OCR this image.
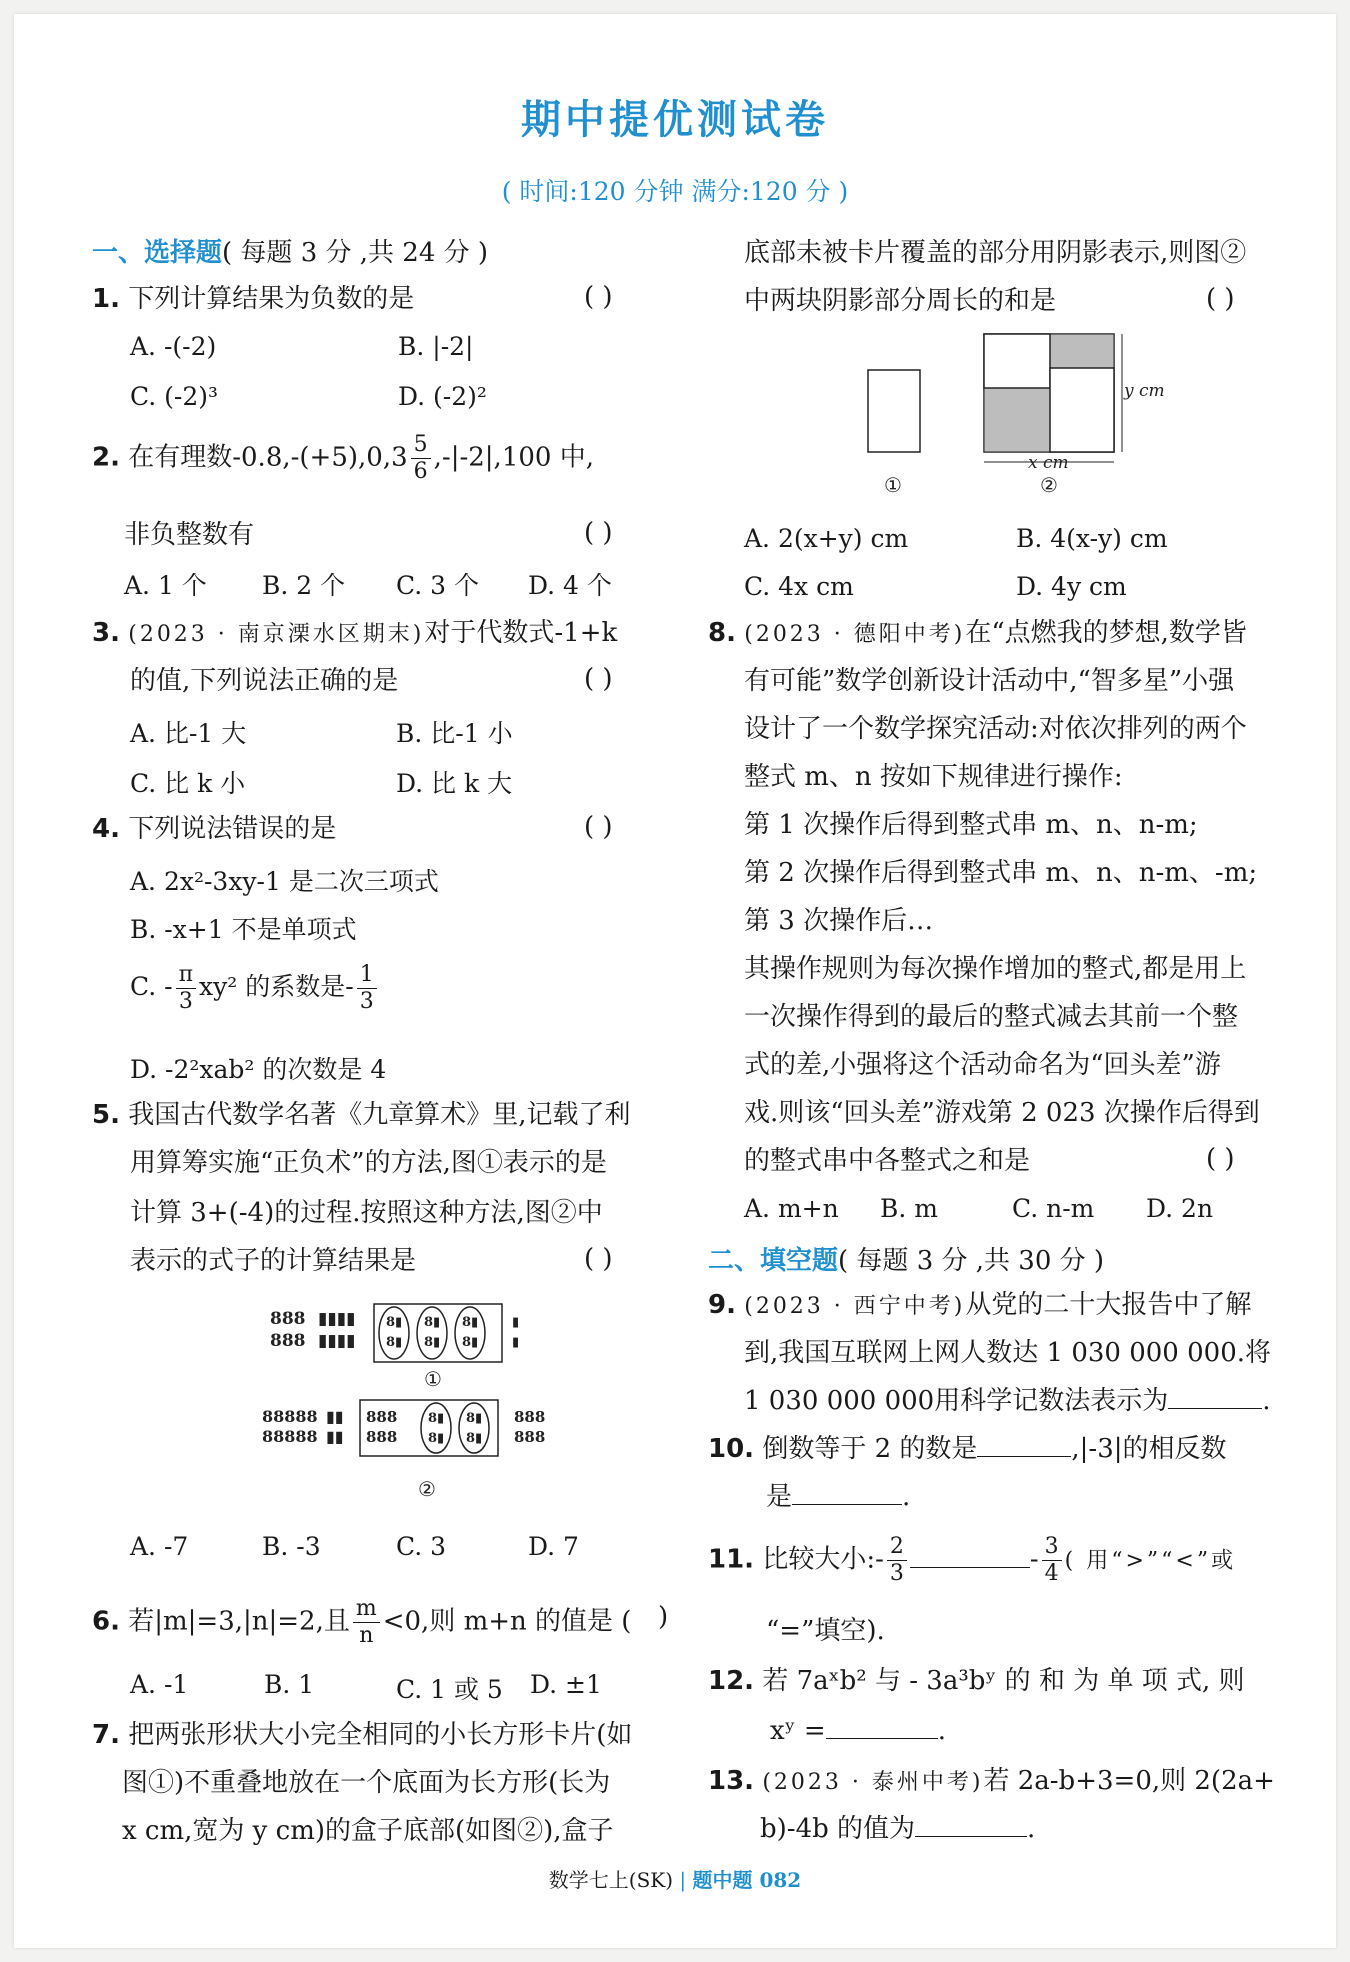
期中提优测试卷
( 时间:120 分钟 满分:120 分 )
一、选择题( 每题 3 分 ,共 24 分 )
1. 下列计算结果为负数的是	( )
A. -(-2)	B. |-2|
C. (-2)³	D. (-2)²
2. 在有理数$-0.8,-(+5),0,3 \frac{5}{6} ,-|-2|,100$ 中,
非负整数有	( )
A. 1 个 B. 2 个 C. 3 个 D. 4 个
3. (2023 · 南京溧水区期末)对于代数式-1+k
的值,下列说法正确的是	( )
A. 比-1 大	B. 比-1 小
C. 比 k 小	D. 比 k 大
4. 下列说法错误的是	( )
A. 2x²-3xy-1 是二次三项式
B. -x+1 不是单项式
C. - $\frac{\pi}{3} xy^2$ 的系数是- $\frac{1}{3}$
D. -2²xab² 的次数是 4
5. 我国古代数学名著《九章算术》里,记载了利
用算筹实施“正负术”的方法,图①表示的是
计算 3+(-4)的过程.按照这种方法,图②中
表示的式子的计算结果是	( )
888
888
▮▮▮▮
▮▮▮▮
8▮
8▮
8▮
8▮
8▮
8▮
▮
▮
①
88888
88888
▮▮
▮▮
888
888
888
888
8▮
8▮
8▮
8▮
②
A. -7	B. -3	C. 3	D. 7
6. 若|m|=3,|n|=2,且 $\frac{m}{n} <0$,则 m+n 的值是 ( )
A. -1	B. 1	C. 1 或 5 D. ±1
7. 把两张形状大小完全相同的小长方形卡片(如
图①)不重叠地放在一个底面为长方形(长为
x cm,宽为 y cm)的盒子底部(如图②),盒子
底部未被卡片覆盖的部分用阴影表示,则图②
中两块阴影部分周长的和是	( )
①
y cm
x cm
②
A. 2(x+y) cm	B. 4(x-y) cm
C. 4x cm	D. 4y cm
8. (2023 · 德阳中考)在“点燃我的梦想,数学皆
有可能”数学创新设计活动中,“智多星”小强
设计了一个数学探究活动:对依次排列的两个
整式 m、n 按如下规律进行操作:
第 1 次操作后得到整式串 m、n、n-m;
第 2 次操作后得到整式串 m、n、n-m、-m;
第 3 次操作后…
其操作规则为每次操作增加的整式,都是用上
一次操作得到的最后的整式减去其前一个整
式的差,小强将这个活动命名为“回头差”游
戏.则该“回头差”游戏第 2 023 次操作后得到
的整式串中各整式之和是	( )
A. m+n B. m	C. n-m D. 2n
二、填空题( 每题 3 分 ,共 30 分 )
9. (2023 · 西宁中考)从党的二十大报告中了解
到,我国互联网上网人数达 1 030 000 000.将
1 030 000 000用科学记数法表示为	.
10. 倒数等于 2 的数是	,|-3|的相反数
是	.
11. 比较大小:- $\frac{2}{3}$	- $\frac{3}{4}$ ( 用“>”“<”或
“=”填空).
12. 若 7aˣb² 与 - 3a³bʸ 的 和 为 单 项 式, 则
xʸ =	.
13. (2023 · 泰州中考)若 2a-b+3=0,则 2(2a+
b)-4b 的值为	.
数学七上(SK) | 题中题 082
